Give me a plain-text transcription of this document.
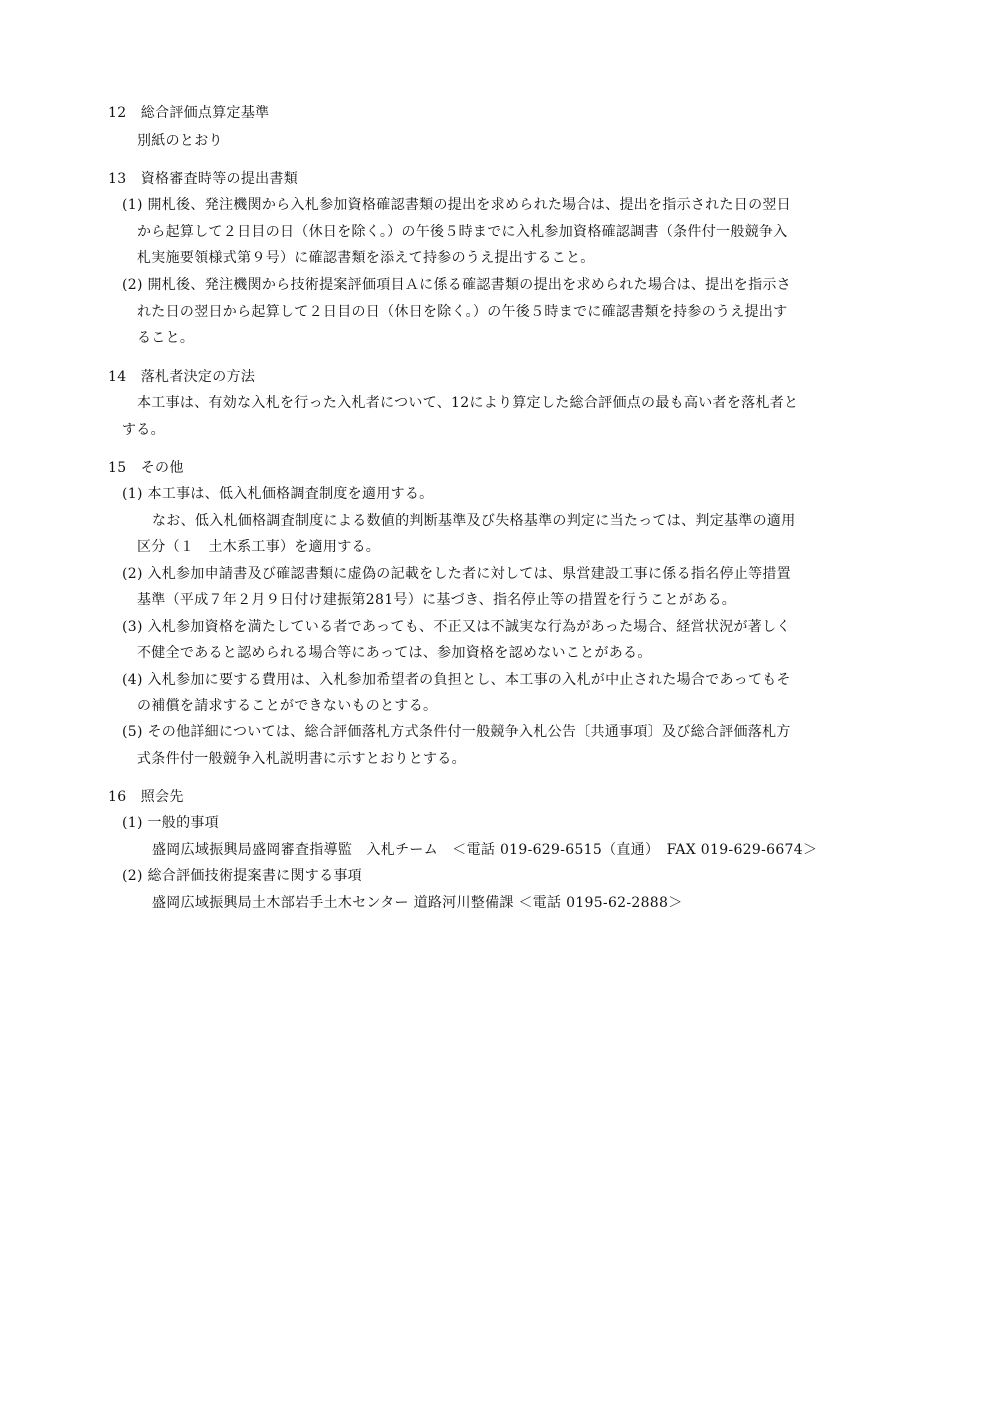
12　総合評価点算定基準
別紙のとおり
13　資格審査時等の提出書類
(1) 開札後、発注機関から入札参加資格確認書類の提出を求められた場合は、提出を指示された日の翌日
から起算して２日目の日（休日を除く。）の午後５時までに入札参加資格確認調書（条件付一般競争入
札実施要領様式第９号）に確認書類を添えて持参のうえ提出すること。
(2) 開札後、発注機関から技術提案評価項目Ａに係る確認書類の提出を求められた場合は、提出を指示さ
れた日の翌日から起算して２日目の日（休日を除く。）の午後５時までに確認書類を持参のうえ提出す
ること。
14　落札者決定の方法
本工事は、有効な入札を行った入札者について、12により算定した総合評価点の最も高い者を落札者と
する。
15　その他
(1) 本工事は、低入札価格調査制度を適用する。
なお、低入札価格調査制度による数値的判断基準及び失格基準の判定に当たっては、判定基準の適用
区分（１　土木系工事）を適用する。
(2) 入札参加申請書及び確認書類に虚偽の記載をした者に対しては、県営建設工事に係る指名停止等措置
基準（平成７年２月９日付け建振第281号）に基づき、指名停止等の措置を行うことがある。
(3) 入札参加資格を満たしている者であっても、不正又は不誠実な行為があった場合、経営状況が著しく
不健全であると認められる場合等にあっては、参加資格を認めないことがある。
(4) 入札参加に要する費用は、入札参加希望者の負担とし、本工事の入札が中止された場合であってもそ
の補償を請求することができないものとする。
(5) その他詳細については、総合評価落札方式条件付一般競争入札公告〔共通事項〕及び総合評価落札方
式条件付一般競争入札説明書に示すとおりとする。
16　照会先
(1) 一般的事項
盛岡広域振興局盛岡審査指導監　入札チーム　＜電話 019-629-6515（直通）　FAX 019-629-6674＞
(2) 総合評価技術提案書に関する事項
盛岡広域振興局土木部岩手土木センター 道路河川整備課 ＜電話 0195-62-2888＞
